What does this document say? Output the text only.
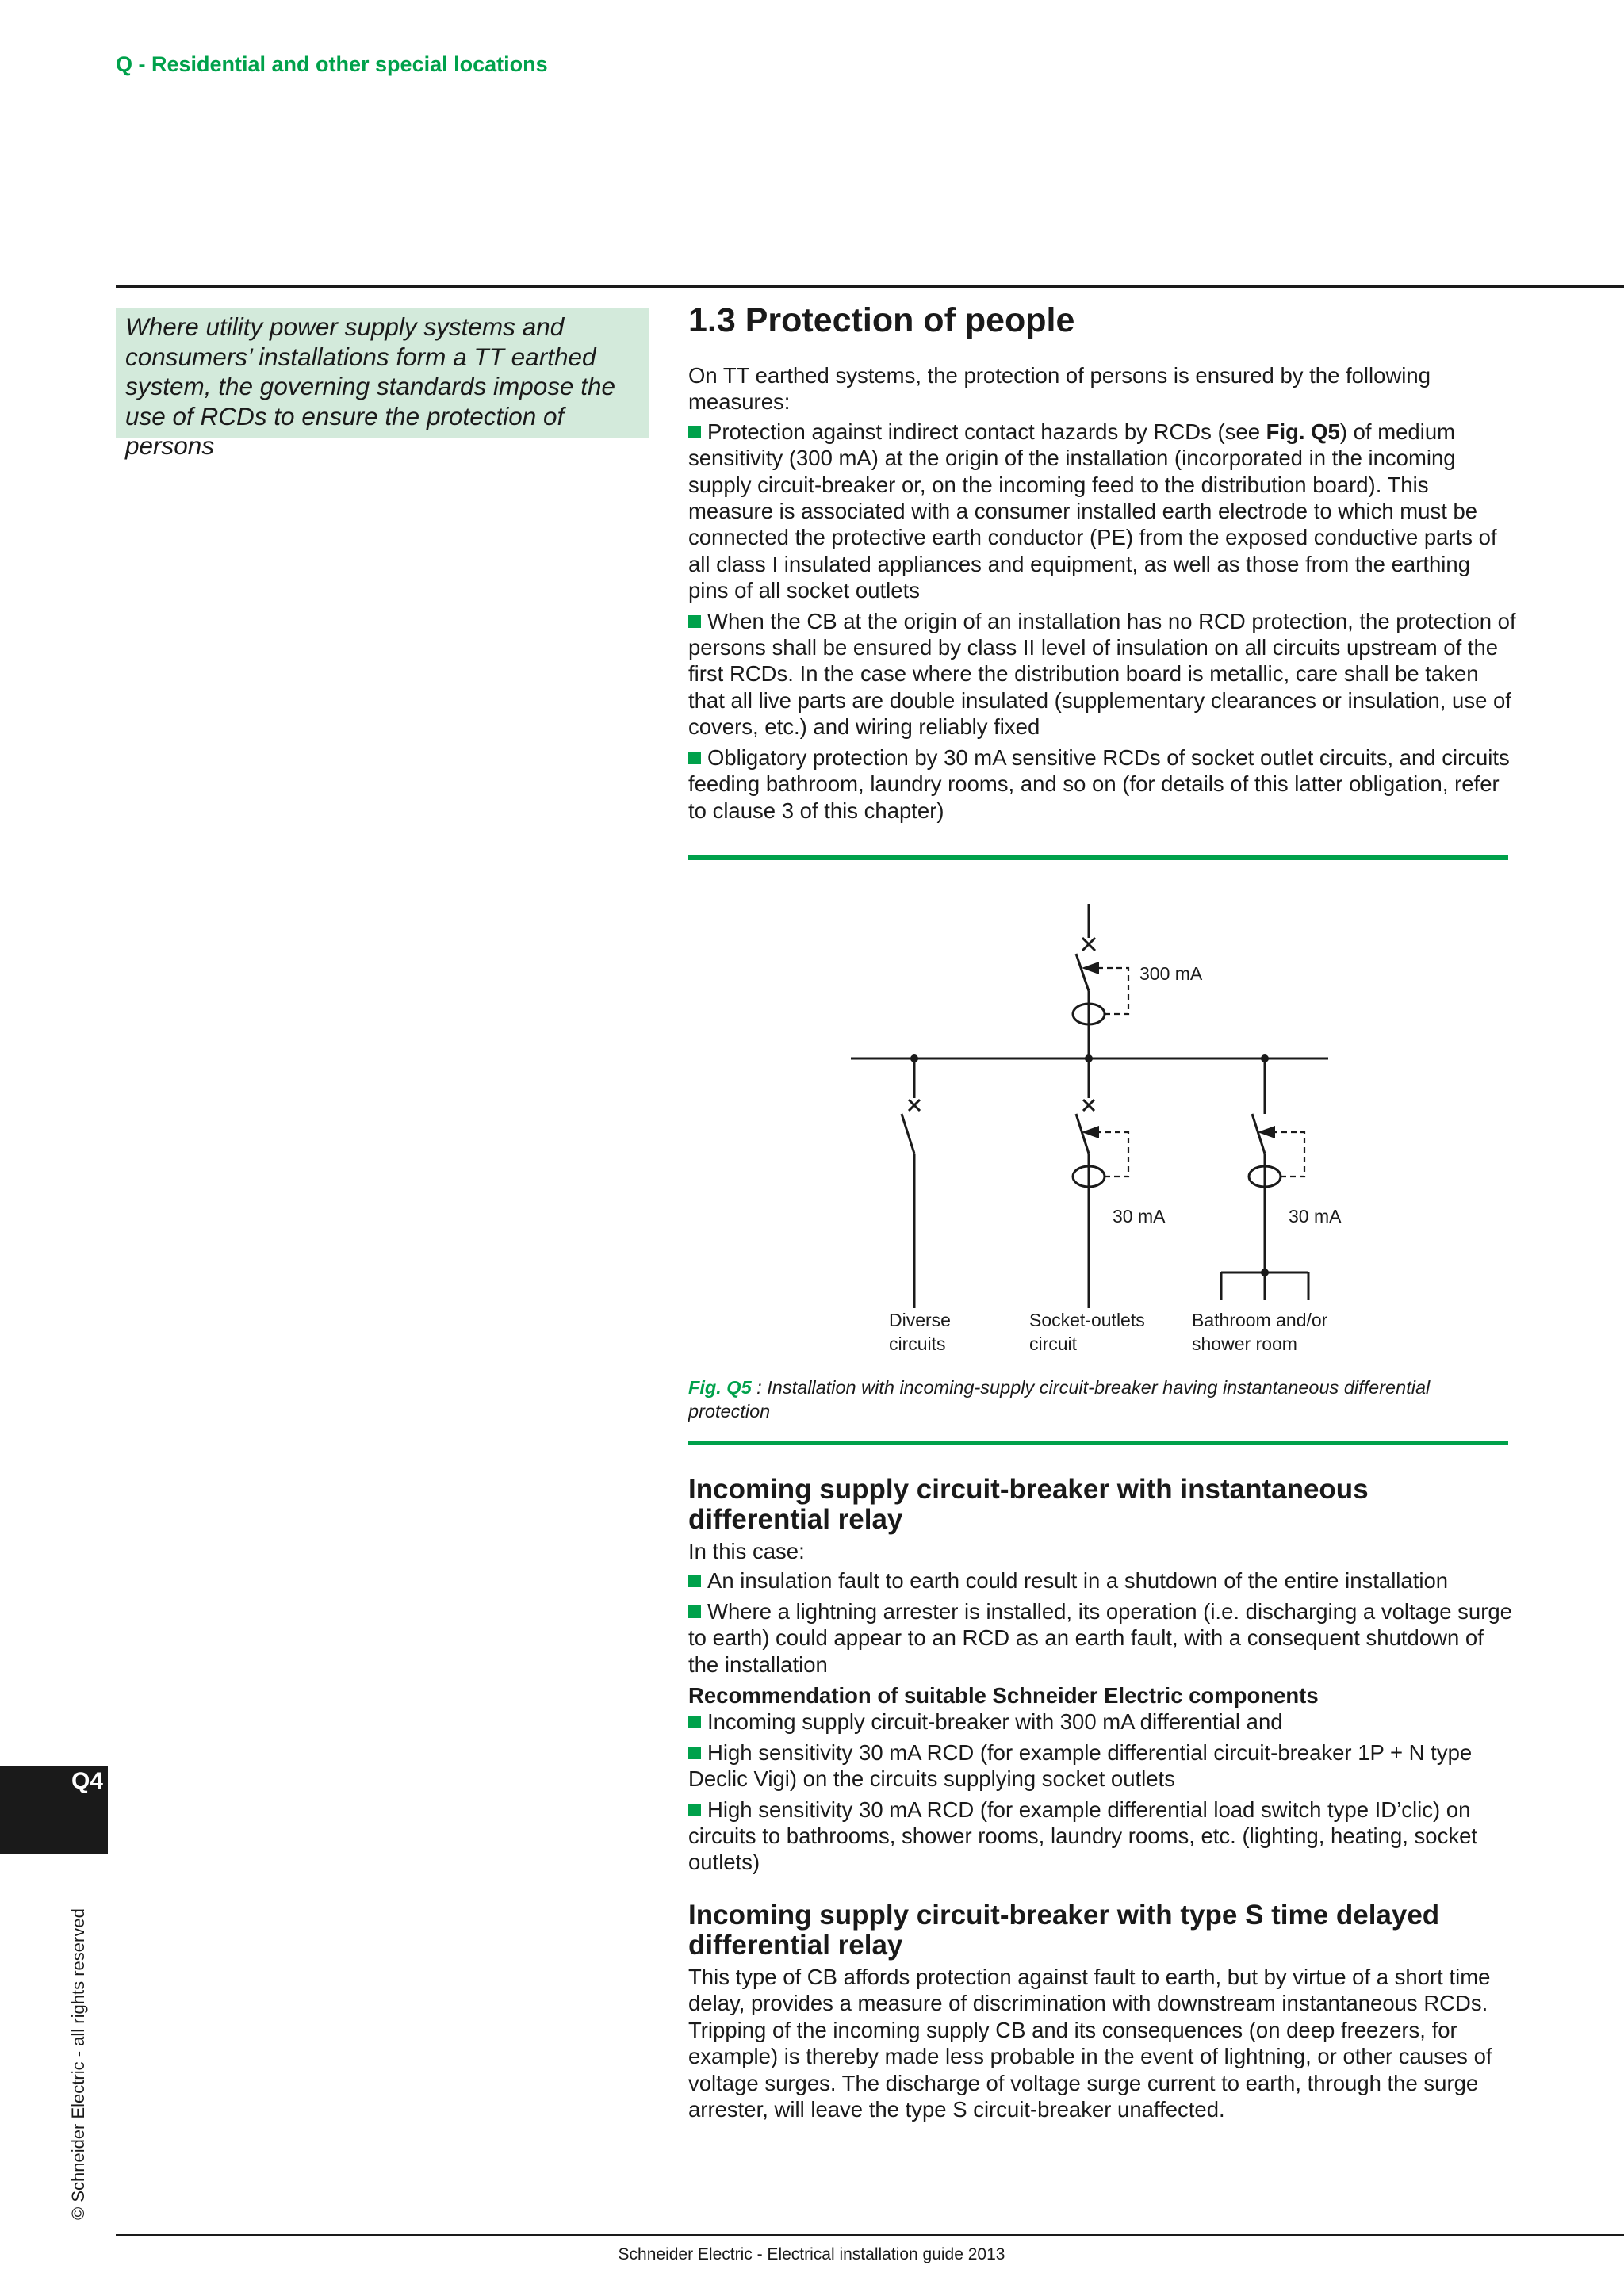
Q - Residential and other special locations
Where utility power supply systems and consumers’ installations form a TT earthed system, the governing standards impose the use of RCDs to ensure the protection of persons
1.3 Protection of people

On TT earthed systems, the protection of persons is ensured by the following measures:

Protection against indirect contact hazards by RCDs (see Fig. Q5) of medium sensitivity (300 mA) at the origin of the installation (incorporated in the incoming supply circuit-breaker or, on the incoming feed to the distribution board). This measure is associated with a consumer installed earth electrode to which must be connected the protective earth conductor (PE) from the exposed conductive parts of all class I insulated appliances and equipment, as well as those from the earthing pins of all socket outlets

When the CB at the origin of an installation has no RCD protection, the protection of persons shall be ensured by class II level of insulation on all circuits upstream of the first RCDs. In the case where the distribution board is metallic, care shall be taken that all live parts are double insulated (supplementary clearances or insulation, use of covers, etc.) and wiring reliably fixed

Obligatory protection by 30 mA sensitive RCDs of socket outlet circuits, and circuits feeding bathroom, laundry rooms, and so on (for details of this latter obligation, refer to clause 3 of this chapter)

300 mA
30 mA	30 mA
Diverse
circuits
Socket-outlets
circuit
Bathroom and/or
shower room
Fig. Q5 : Installation with incoming-supply circuit-breaker having instantaneous differential protection

Incoming supply circuit-breaker with instantaneous differential relay

In this case:

An insulation fault to earth could result in a shutdown of the entire installation

Where a lightning arrester is installed, its operation (i.e. discharging a voltage surge to earth) could appear to an RCD as an earth fault, with a consequent shutdown of the installation

Recommendation of suitable Schneider Electric components

Incoming supply circuit-breaker with 300 mA differential and

High sensitivity 30 mA RCD (for example differential circuit-breaker 1P + N type Declic Vigi) on the circuits supplying socket outlets

High sensitivity 30 mA RCD (for example differential load switch type ID’clic) on circuits to bathrooms, shower rooms, laundry rooms, etc. (lighting, heating, socket outlets)

Incoming supply circuit-breaker with type S time delayed differential relay

This type of CB affords protection against fault to earth, but by virtue of a short time delay, provides a measure of discrimination with downstream instantaneous RCDs. Tripping of the incoming supply CB and its consequences (on deep freezers, for example) is thereby made less probable in the event of lightning, or other causes of voltage surges. The discharge of voltage surge current to earth, through the surge arrester, will leave the type S circuit-breaker unaffected.

Q4
© Schneider Electric - all rights reserved
Schneider Electric - Electrical installation guide 2013
